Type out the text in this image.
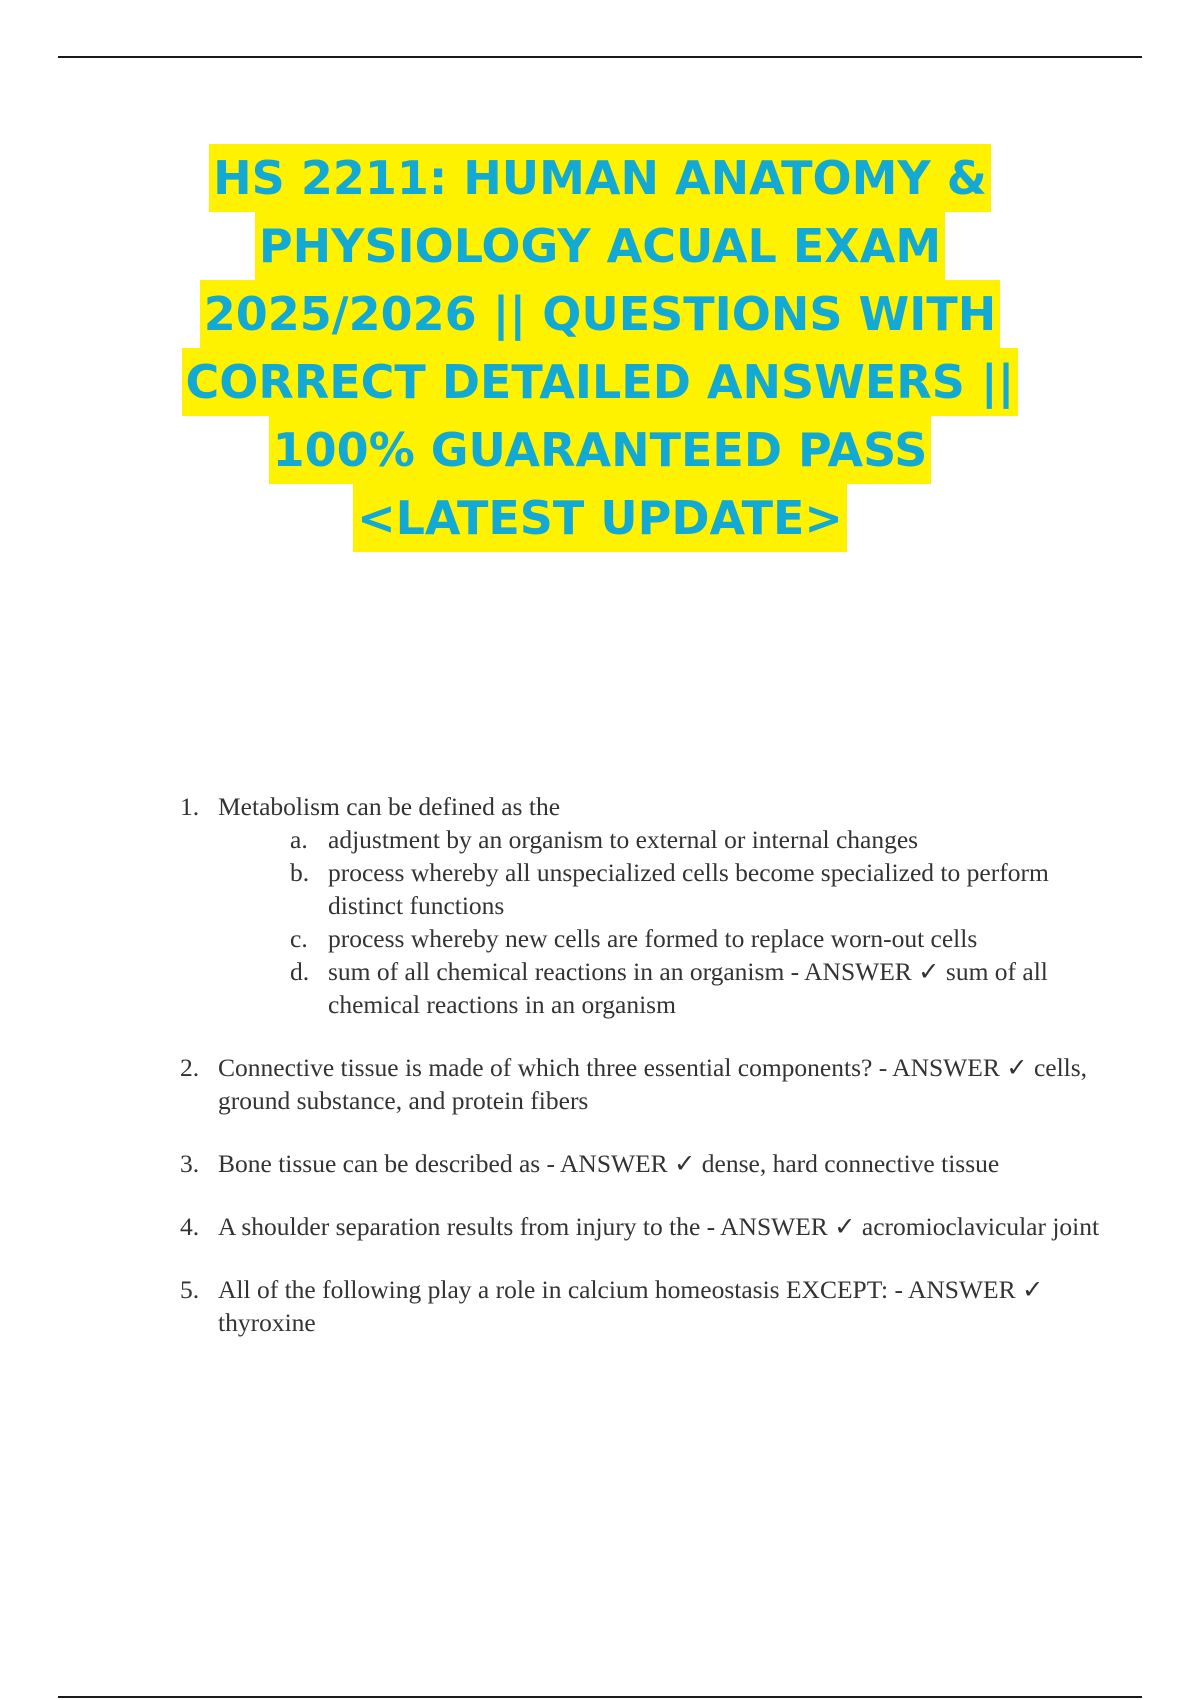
HS 2211: HUMAN ANATOMY &
PHYSIOLOGY ACUAL EXAM
2025/2026 || QUESTIONS WITH
CORRECT DETAILED ANSWERS ||
100% GUARANTEED PASS
<LATEST UPDATE>
1. Metabolism can be defined as the
a. adjustment by an organism to external or internal changes
b. process whereby all unspecialized cells become specialized to perform distinct functions
c. process whereby new cells are formed to replace worn-out cells
d. sum of all chemical reactions in an organism - ANSWER ✓ sum of all chemical reactions in an organism
2. Connective tissue is made of which three essential components? - ANSWER ✓ cells, ground substance, and protein fibers
3. Bone tissue can be described as - ANSWER ✓ dense, hard connective tissue
4. A shoulder separation results from injury to the - ANSWER ✓ acromioclavicular joint
5. All of the following play a role in calcium homeostasis EXCEPT: - ANSWER ✓ thyroxine
